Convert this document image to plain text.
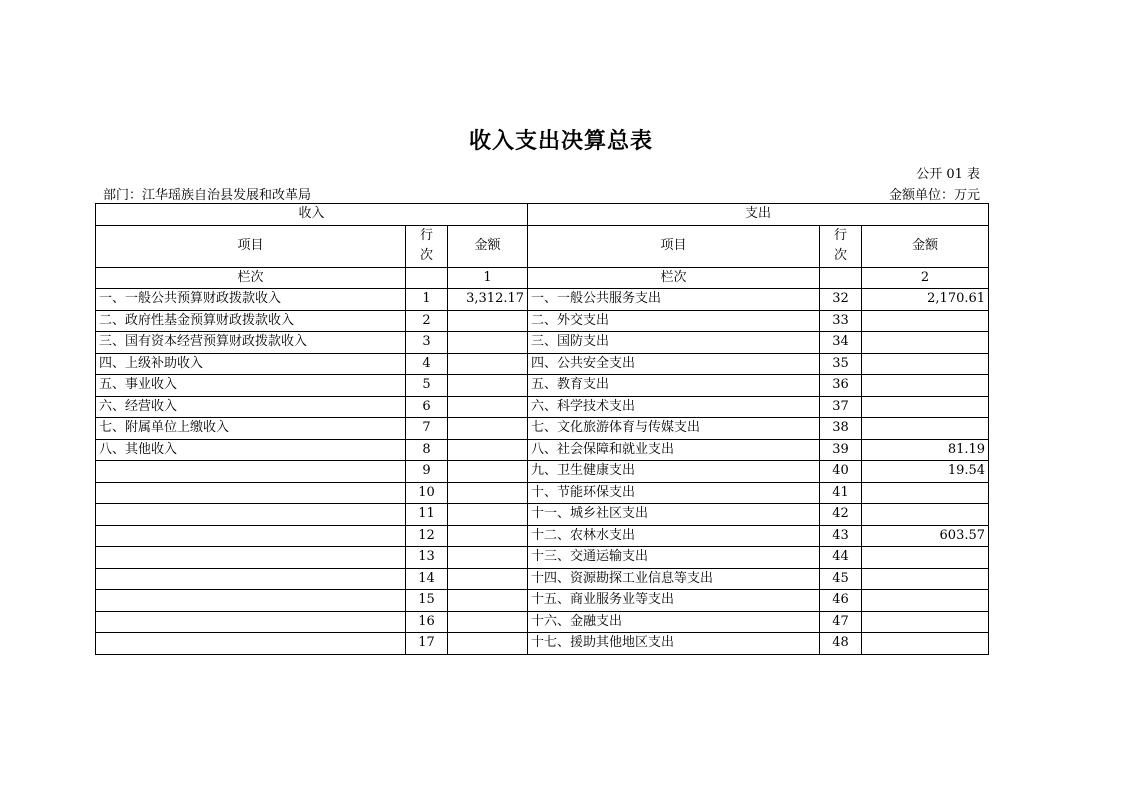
收入支出决算总表
公开 01 表
部门：江华瑶族自治县发展和改革局	金额单位：万元
收入			支出		
项目	行次	金额	项目	行次	金额
栏次		1	栏次		2
一、一般公共预算财政拨款收入	1	3,312.17	一、一般公共服务支出	32	2,170.61
二、政府性基金预算财政拨款收入	2		二、外交支出	33	
三、国有资本经营预算财政拨款收入	3		三、国防支出	34	
四、上级补助收入	4		四、公共安全支出	35	
五、事业收入	5		五、教育支出	36	
六、经营收入	6		六、科学技术支出	37	
七、附属单位上缴收入	7		七、文化旅游体育与传媒支出	38	
八、其他收入	8		八、社会保障和就业支出	39	81.19
	9		九、卫生健康支出	40	19.54
	10		十、节能环保支出	41	
	11		十一、城乡社区支出	42	
	12		十二、农林水支出	43	603.57
	13		十三、交通运输支出	44	
	14		十四、资源勘探工业信息等支出	45	
	15		十五、商业服务业等支出	46	
	16		十六、金融支出	47	
	17		十七、援助其他地区支出	48	
